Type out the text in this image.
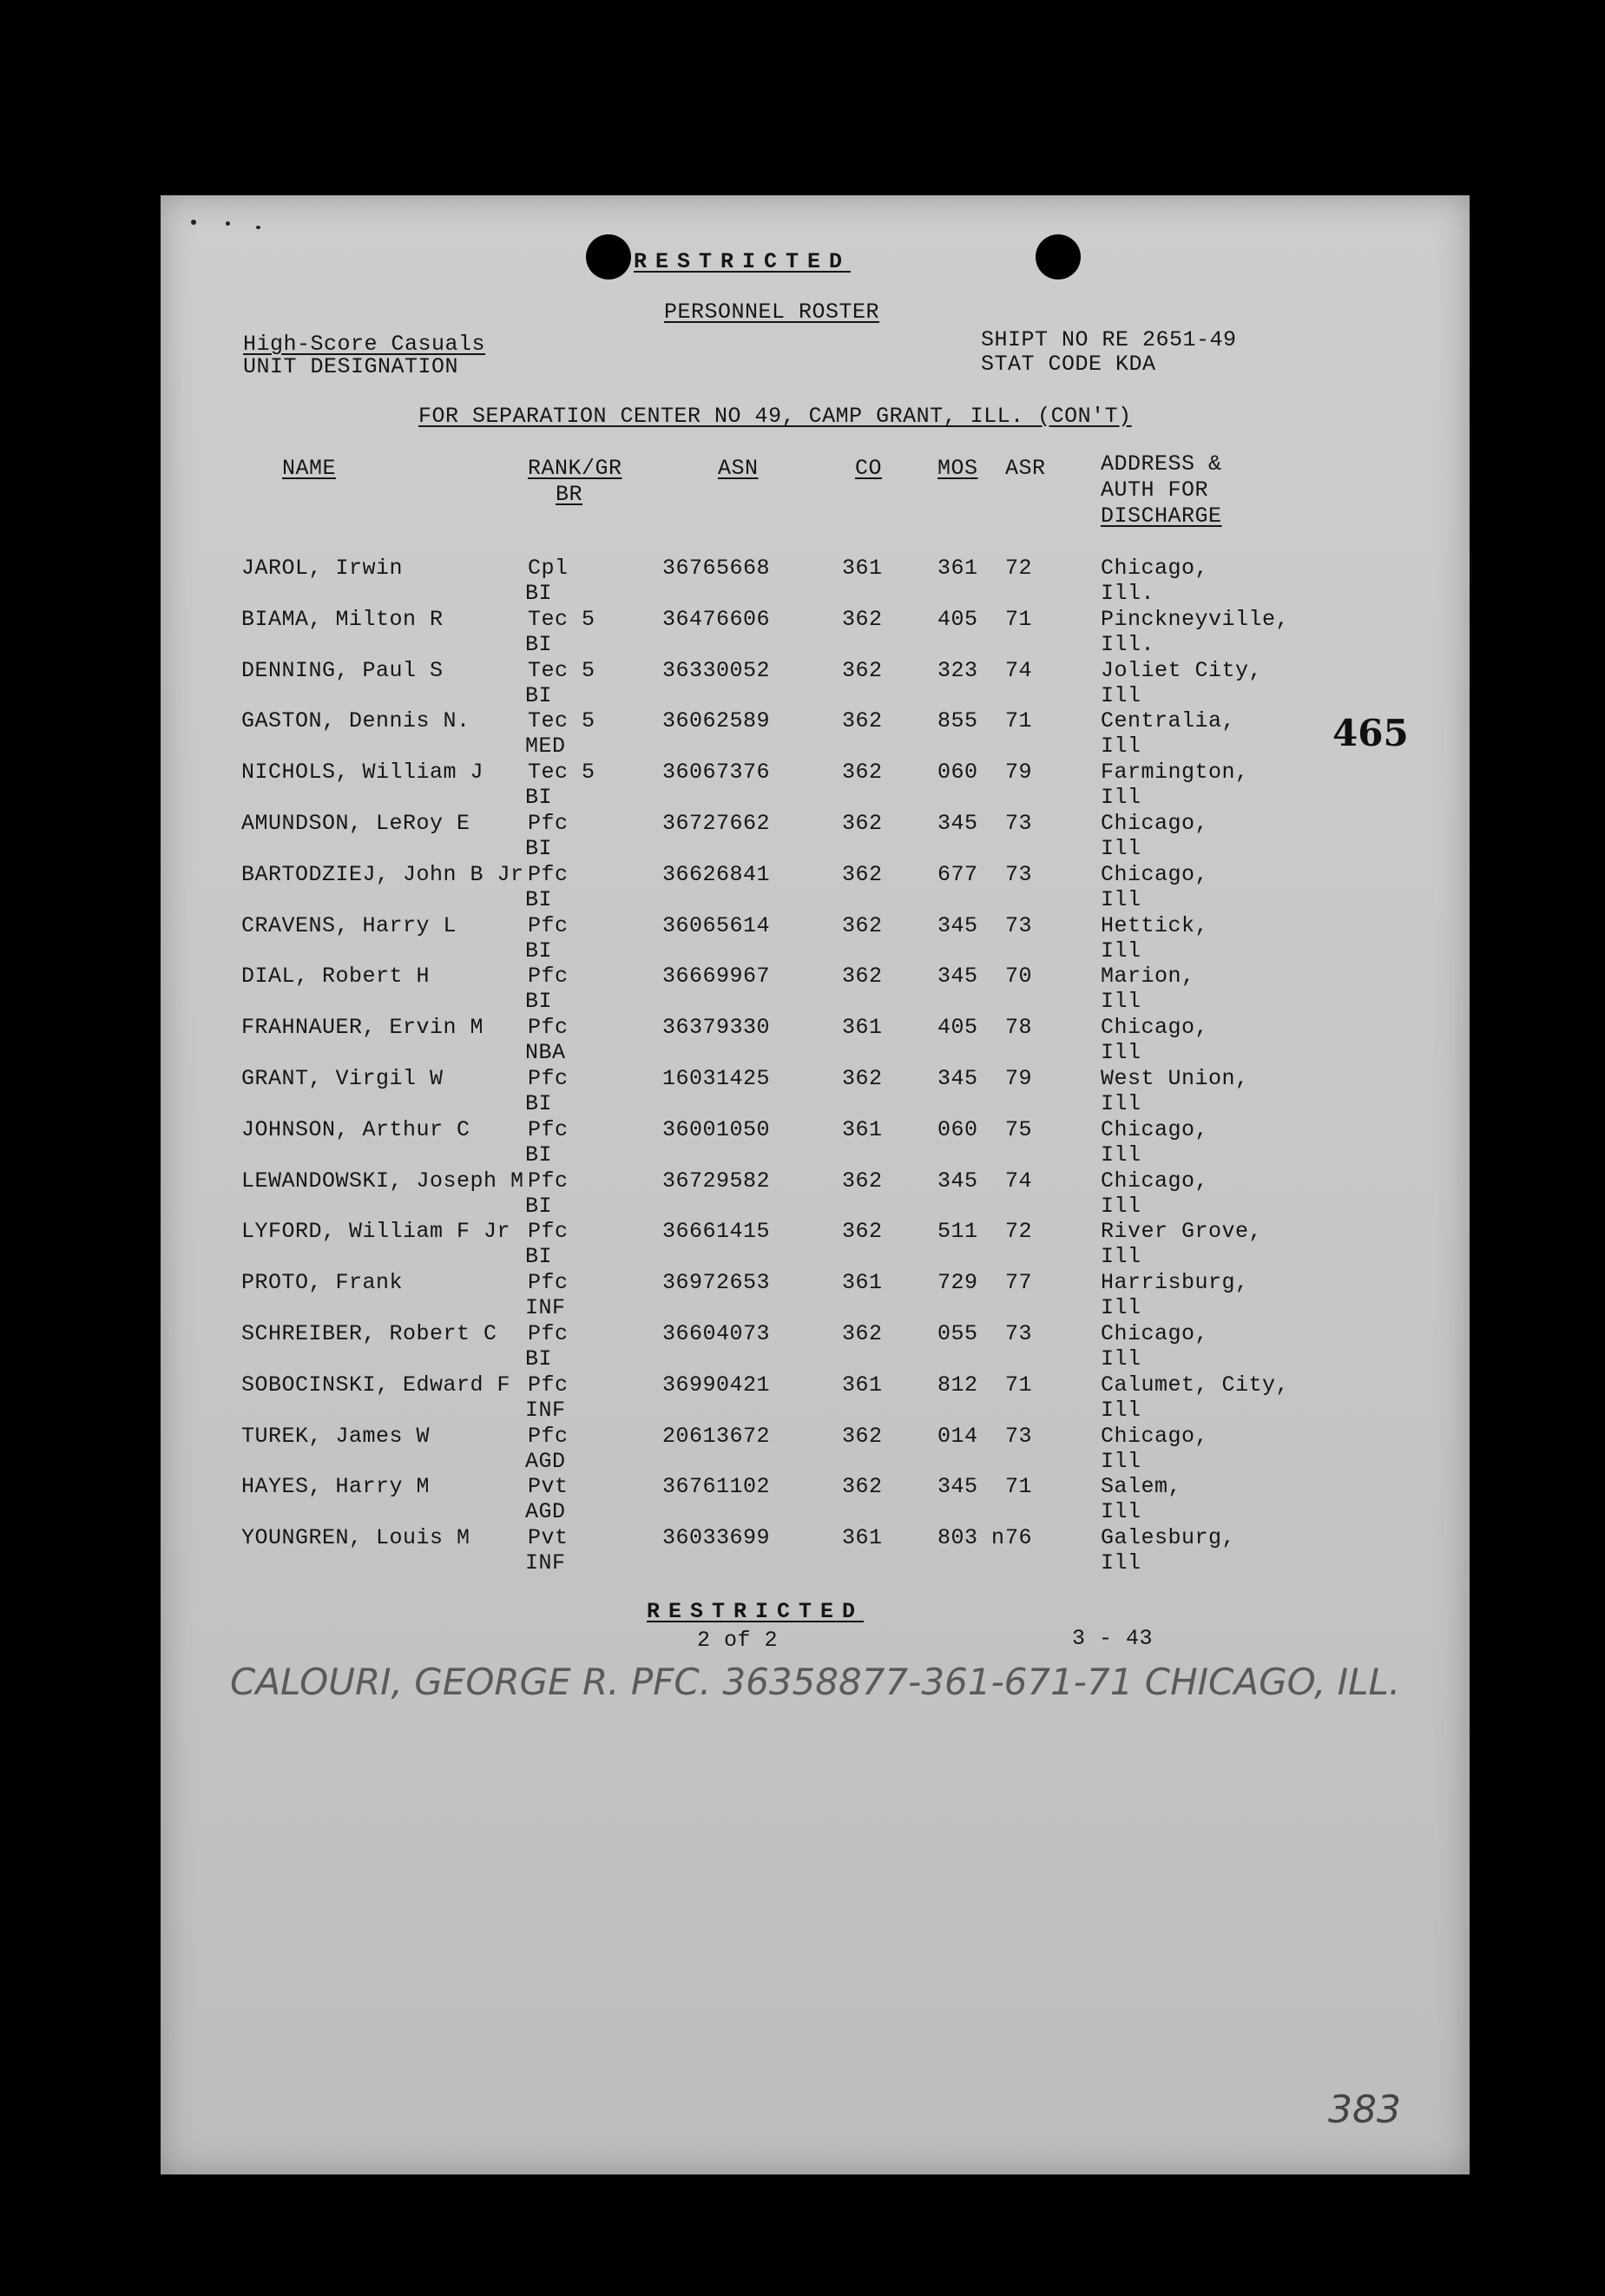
RESTRICTED
PERSONNEL ROSTER
High-Score Casuals
UNIT DESIGNATION
SHIPT NO RE 2651-49
STAT CODE KDA
FOR SEPARATION CENTER NO 49, CAMP GRANT, ILL. (CON'T)
NAME	RANK/GR
BR
ASN	CO	MOS ASR	ADDRESS &
AUTH FOR
DISCHARGE
JAROL, Irwin	Cpl	36765668	361	361 72	Chicago,
BI	Ill.
BIAMA, Milton R	Tec 5	36476606	362	405 71	Pinckneyville,
BI	Ill.
DENNING, Paul S	Tec 5	36330052	362	323 74	Joliet City,
BI	Ill
GASTON, Dennis N.	Tec 5	36062589	362	855 71	Centralia,
MED	Ill
NICHOLS, William J Tec 5	36067376	362	060 79	Farmington,
BI	Ill
AMUNDSON, LeRoy E	Pfc	36727662	362	345 73	Chicago,
BI	Ill
BARTODZIEJ, John B Jr Pfc	36626841	362	677 73	Chicago,
BI	Ill
CRAVENS, Harry L	Pfc	36065614	362	345 73	Hettick,
BI	Ill
DIAL, Robert H	Pfc	36669967	362	345 70	Marion,
BI	Ill
FRAHNAUER, Ervin M Pfc	36379330	361	405 78	Chicago,
NBA	Ill
GRANT, Virgil W	Pfc	16031425	362	345 79	West Union,
BI	Ill
JOHNSON, Arthur C	Pfc	36001050	361	060 75	Chicago,
BI	Ill
LEWANDOWSKI, Joseph M Pfc	36729582	362	345 74	Chicago,
BI	Ill
LYFORD, William F Jr Pfc	36661415	362	511 72	River Grove,
BI	Ill
PROTO, Frank	Pfc	36972653	361	729 77	Harrisburg,
INF	Ill
SCHREIBER, Robert C Pfc	36604073	362	055 73	Chicago,
BI	Ill
SOBOCINSKI, Edward F Pfc	36990421	361	812 71	Calumet, City,
INF	Ill
TUREK, James W	Pfc	20613672	362	014 73	Chicago,
AGD	Ill
HAYES, Harry M	Pvt	36761102	362	345 71	Salem,
AGD	Ill
YOUNGREN, Louis M	Pvt	36033699	361	803 n 76	Galesburg,
INF	Ill
465
RESTRICTED
2 of 2	3 - 43
CALOURI, GEORGE R. PFC. 36358877-361-671-71 CHICAGO, ILL.
383
